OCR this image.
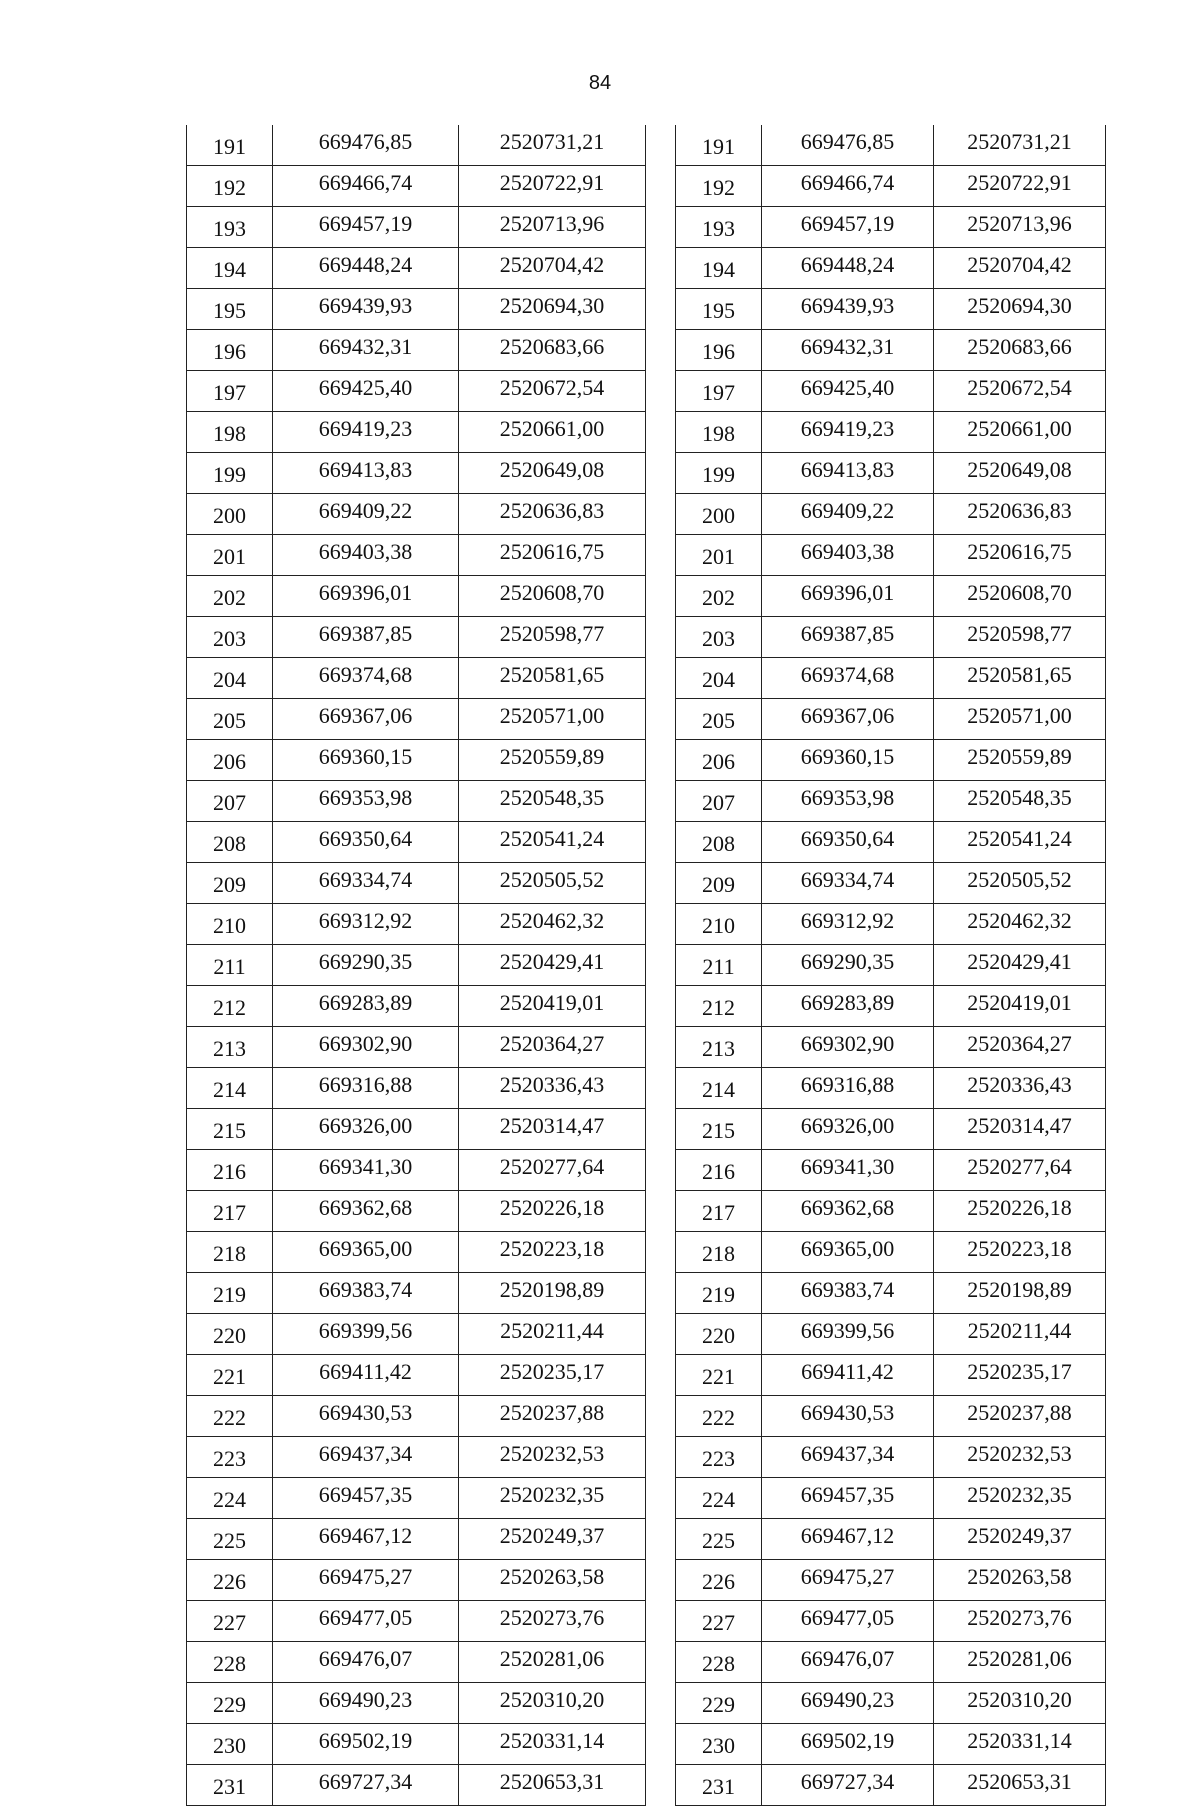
84
191	669476,85	2520731,21
192	669466,74	2520722,91
193	669457,19	2520713,96
194	669448,24	2520704,42
195	669439,93	2520694,30
196	669432,31	2520683,66
197	669425,40	2520672,54
198	669419,23	2520661,00
199	669413,83	2520649,08
200	669409,22	2520636,83
201	669403,38	2520616,75
202	669396,01	2520608,70
203	669387,85	2520598,77
204	669374,68	2520581,65
205	669367,06	2520571,00
206	669360,15	2520559,89
207	669353,98	2520548,35
208	669350,64	2520541,24
209	669334,74	2520505,52
210	669312,92	2520462,32
211	669290,35	2520429,41
212	669283,89	2520419,01
213	669302,90	2520364,27
214	669316,88	2520336,43
215	669326,00	2520314,47
216	669341,30	2520277,64
217	669362,68	2520226,18
218	669365,00	2520223,18
219	669383,74	2520198,89
220	669399,56	2520211,44
221	669411,42	2520235,17
222	669430,53	2520237,88
223	669437,34	2520232,53
224	669457,35	2520232,35
225	669467,12	2520249,37
226	669475,27	2520263,58
227	669477,05	2520273,76
228	669476,07	2520281,06
229	669490,23	2520310,20
230	669502,19	2520331,14
231	669727,34	2520653,31
191	669476,85	2520731,21
192	669466,74	2520722,91
193	669457,19	2520713,96
194	669448,24	2520704,42
195	669439,93	2520694,30
196	669432,31	2520683,66
197	669425,40	2520672,54
198	669419,23	2520661,00
199	669413,83	2520649,08
200	669409,22	2520636,83
201	669403,38	2520616,75
202	669396,01	2520608,70
203	669387,85	2520598,77
204	669374,68	2520581,65
205	669367,06	2520571,00
206	669360,15	2520559,89
207	669353,98	2520548,35
208	669350,64	2520541,24
209	669334,74	2520505,52
210	669312,92	2520462,32
211	669290,35	2520429,41
212	669283,89	2520419,01
213	669302,90	2520364,27
214	669316,88	2520336,43
215	669326,00	2520314,47
216	669341,30	2520277,64
217	669362,68	2520226,18
218	669365,00	2520223,18
219	669383,74	2520198,89
220	669399,56	2520211,44
221	669411,42	2520235,17
222	669430,53	2520237,88
223	669437,34	2520232,53
224	669457,35	2520232,35
225	669467,12	2520249,37
226	669475,27	2520263,58
227	669477,05	2520273,76
228	669476,07	2520281,06
229	669490,23	2520310,20
230	669502,19	2520331,14
231	669727,34	2520653,31
